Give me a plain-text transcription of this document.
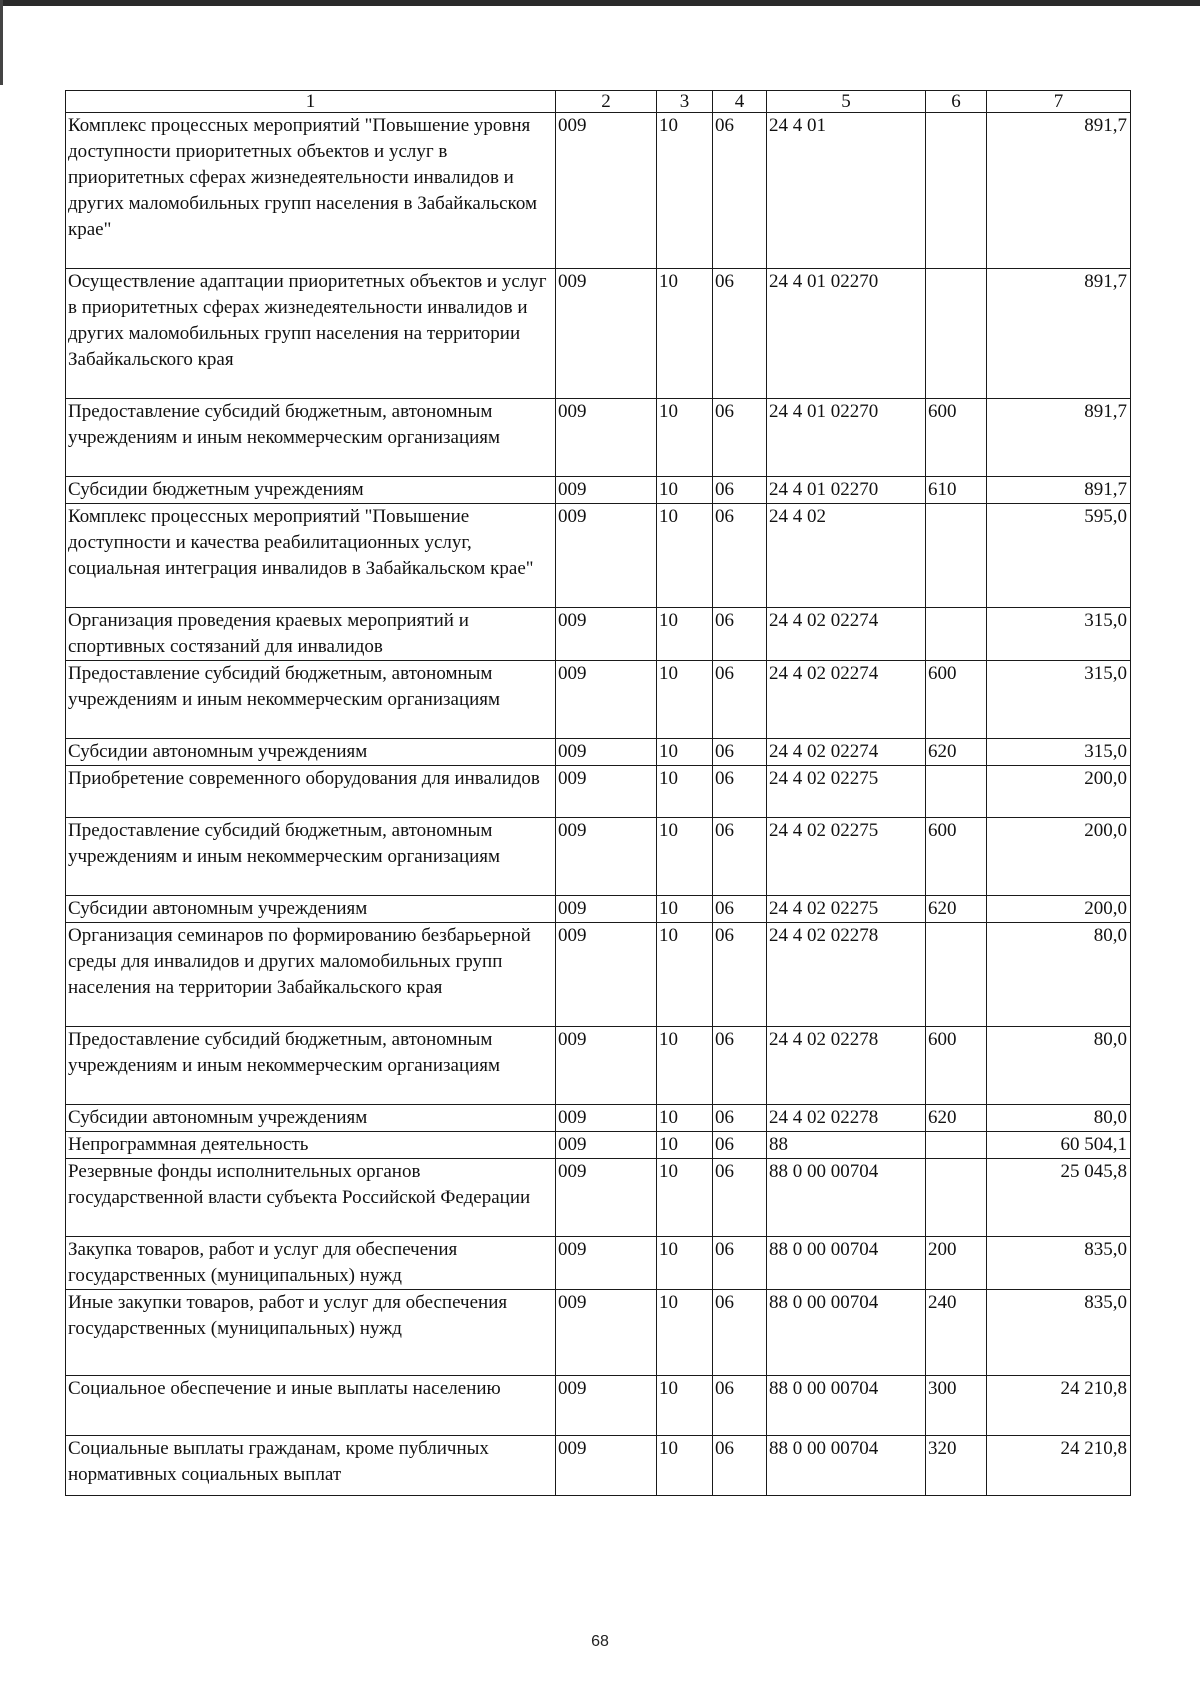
1	2	3	4	5	6	7
Комплекс процессных мероприятий "Повышение уровня доступности приоритетных объектов и услуг в приоритетных сферах жизнедеятельности инвалидов и других маломобильных групп населения в Забайкальском крае"	009	10	06	24 4 01		891,7
Осуществление адаптации приоритетных объектов и услуг в приоритетных сферах жизнедеятельности инвалидов и других маломобильных групп населения на территории Забайкальского края	009	10	06	24 4 01 02270		891,7
Предоставление субсидий бюджетным, автономным учреждениям и иным некоммерческим организациям	009	10	06	24 4 01 02270	600	891,7
Субсидии бюджетным учреждениям	009	10	06	24 4 01 02270	610	891,7
Комплекс процессных мероприятий "Повышение доступности и качества реабилитационных услуг, социальная интеграция инвалидов в Забайкальском крае"	009	10	06	24 4 02		595,0
Организация проведения краевых мероприятий и спортивных состязаний для инвалидов	009	10	06	24 4 02 02274		315,0
Предоставление субсидий бюджетным, автономным учреждениям и иным некоммерческим организациям	009	10	06	24 4 02 02274	600	315,0
Субсидии автономным учреждениям	009	10	06	24 4 02 02274	620	315,0
Приобретение современного оборудования для инвалидов	009	10	06	24 4 02 02275		200,0
Предоставление субсидий бюджетным, автономным учреждениям и иным некоммерческим организациям	009	10	06	24 4 02 02275	600	200,0
Субсидии автономным учреждениям	009	10	06	24 4 02 02275	620	200,0
Организация семинаров по формированию безбарьерной среды для инвалидов и других маломобильных групп населения на территории Забайкальского края	009	10	06	24 4 02 02278		80,0
Предоставление субсидий бюджетным, автономным учреждениям и иным некоммерческим организациям	009	10	06	24 4 02 02278	600	80,0
Субсидии автономным учреждениям	009	10	06	24 4 02 02278	620	80,0
Непрограммная деятельность	009	10	06	88		60 504,1
Резервные фонды исполнительных органов государственной власти субъекта Российской Федерации	009	10	06	88 0 00 00704		25 045,8
Закупка товаров, работ и услуг для обеспечения государственных (муниципальных) нужд	009	10	06	88 0 00 00704	200	835,0
Иные закупки товаров, работ и услуг для обеспечения государственных (муниципальных) нужд	009	10	06	88 0 00 00704	240	835,0
Социальное обеспечение и иные выплаты населению	009	10	06	88 0 00 00704	300	24 210,8
Социальные выплаты гражданам, кроме публичных нормативных социальных выплат	009	10	06	88 0 00 00704	320	24 210,8
68
